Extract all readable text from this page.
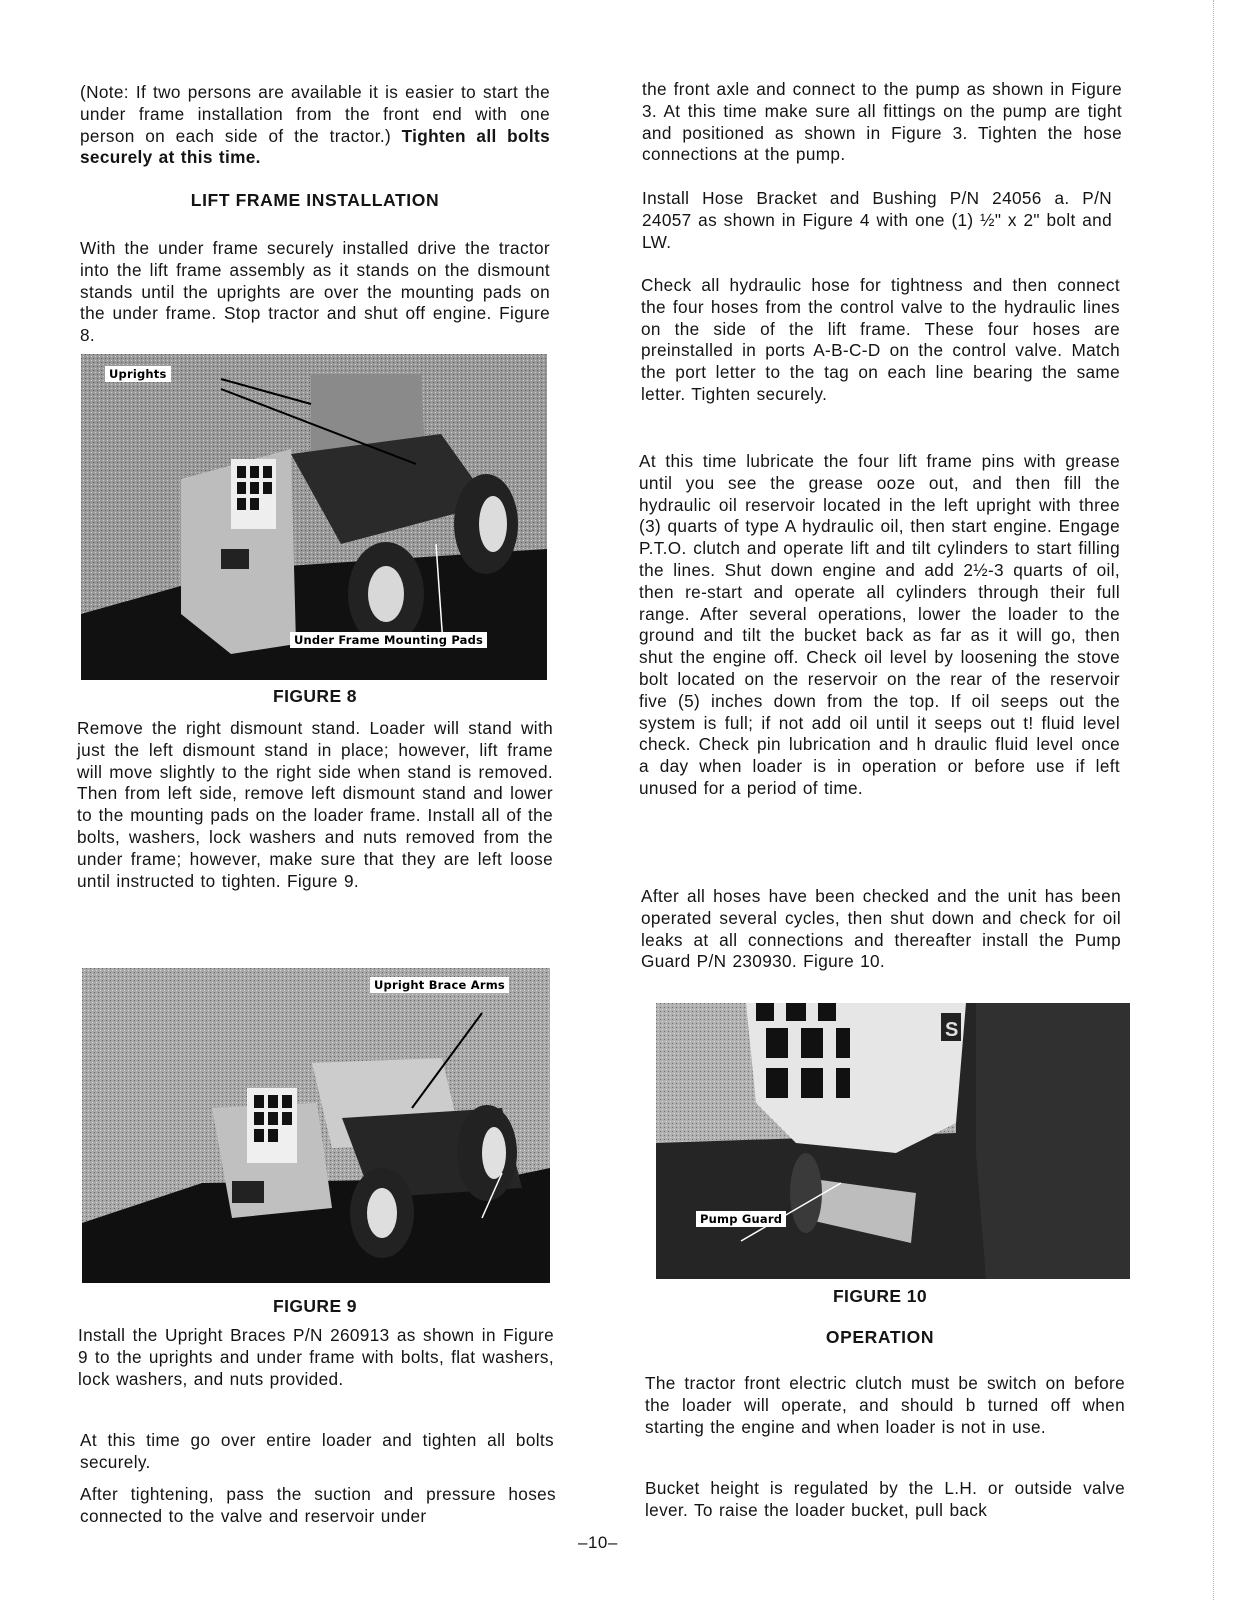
(Note: If two persons are available it is easier to start the under frame installation from the front end with one person on each side of the tractor.) Tighten all bolts securely at this time.

LIFT FRAME INSTALLATION

With the under frame securely installed drive the tractor into the lift frame assembly as it stands on the dismount stands until the uprights are over the mounting pads on the under frame. Stop tractor and shut off engine. Figure 8.

Uprights
Under Frame Mounting Pads
FIGURE 8

Remove the right dismount stand. Loader will stand with just the left dismount stand in place; however, lift frame will move slightly to the right side when stand is removed. Then from left side, remove left dismount stand and lower to the mounting pads on the loader frame. Install all of the bolts, washers, lock washers and nuts removed from the under frame; however, make sure that they are left loose until instructed to tighten. Figure 9.

Upright Brace Arms
FIGURE 9

Install the Upright Braces P/N 260913 as shown in Figure 9 to the uprights and under frame with bolts, flat washers, lock washers, and nuts provided.

At this time go over entire loader and tighten all bolts securely.

After tightening, pass the suction and pressure hoses connected to the valve and reservoir under

the front axle and connect to the pump as shown in Figure 3. At this time make sure all fittings on the pump are tight and positioned as shown in Figure 3. Tighten the hose connections at the pump.

Install Hose Bracket and Bushing P/N 24056 a. P/N 24057 as shown in Figure 4 with one (1) ½" x 2" bolt and LW.

Check all hydraulic hose for tightness and then connect the four hoses from the control valve to the hydraulic lines on the side of the lift frame. These four hoses are preinstalled in ports A-B-C-D on the control valve. Match the port letter to the tag on each line bearing the same letter. Tighten securely.

At this time lubricate the four lift frame pins with grease until you see the grease ooze out, and then fill the hydraulic oil reservoir located in the left upright with three (3) quarts of type A hydraulic oil, then start engine. Engage P.T.O. clutch and operate lift and tilt cylinders to start filling the lines. Shut down engine and add 2½-3 quarts of oil, then re-start and operate all cylinders through their full range. After several operations, lower the loader to the ground and tilt the bucket back as far as it will go, then shut the engine off. Check oil level by loosening the stove bolt located on the reservoir on the rear of the reservoir five (5) inches down from the top. If oil seeps out the system is full; if not add oil until it seeps out t! fluid level check. Check pin lubrication and h draulic fluid level once a day when loader is in operation or before use if left unused for a period of time.

After all hoses have been checked and the unit has been operated several cycles, then shut down and check for oil leaks at all connections and thereafter install the Pump Guard P/N 230930. Figure 10.

S
Pump Guard
FIGURE 10
OPERATION

The tractor front electric clutch must be switch on before the loader will operate, and should b turned off when starting the engine and when loader is not in use.

Bucket height is regulated by the L.H. or outside valve lever. To raise the loader bucket, pull back

–10–
